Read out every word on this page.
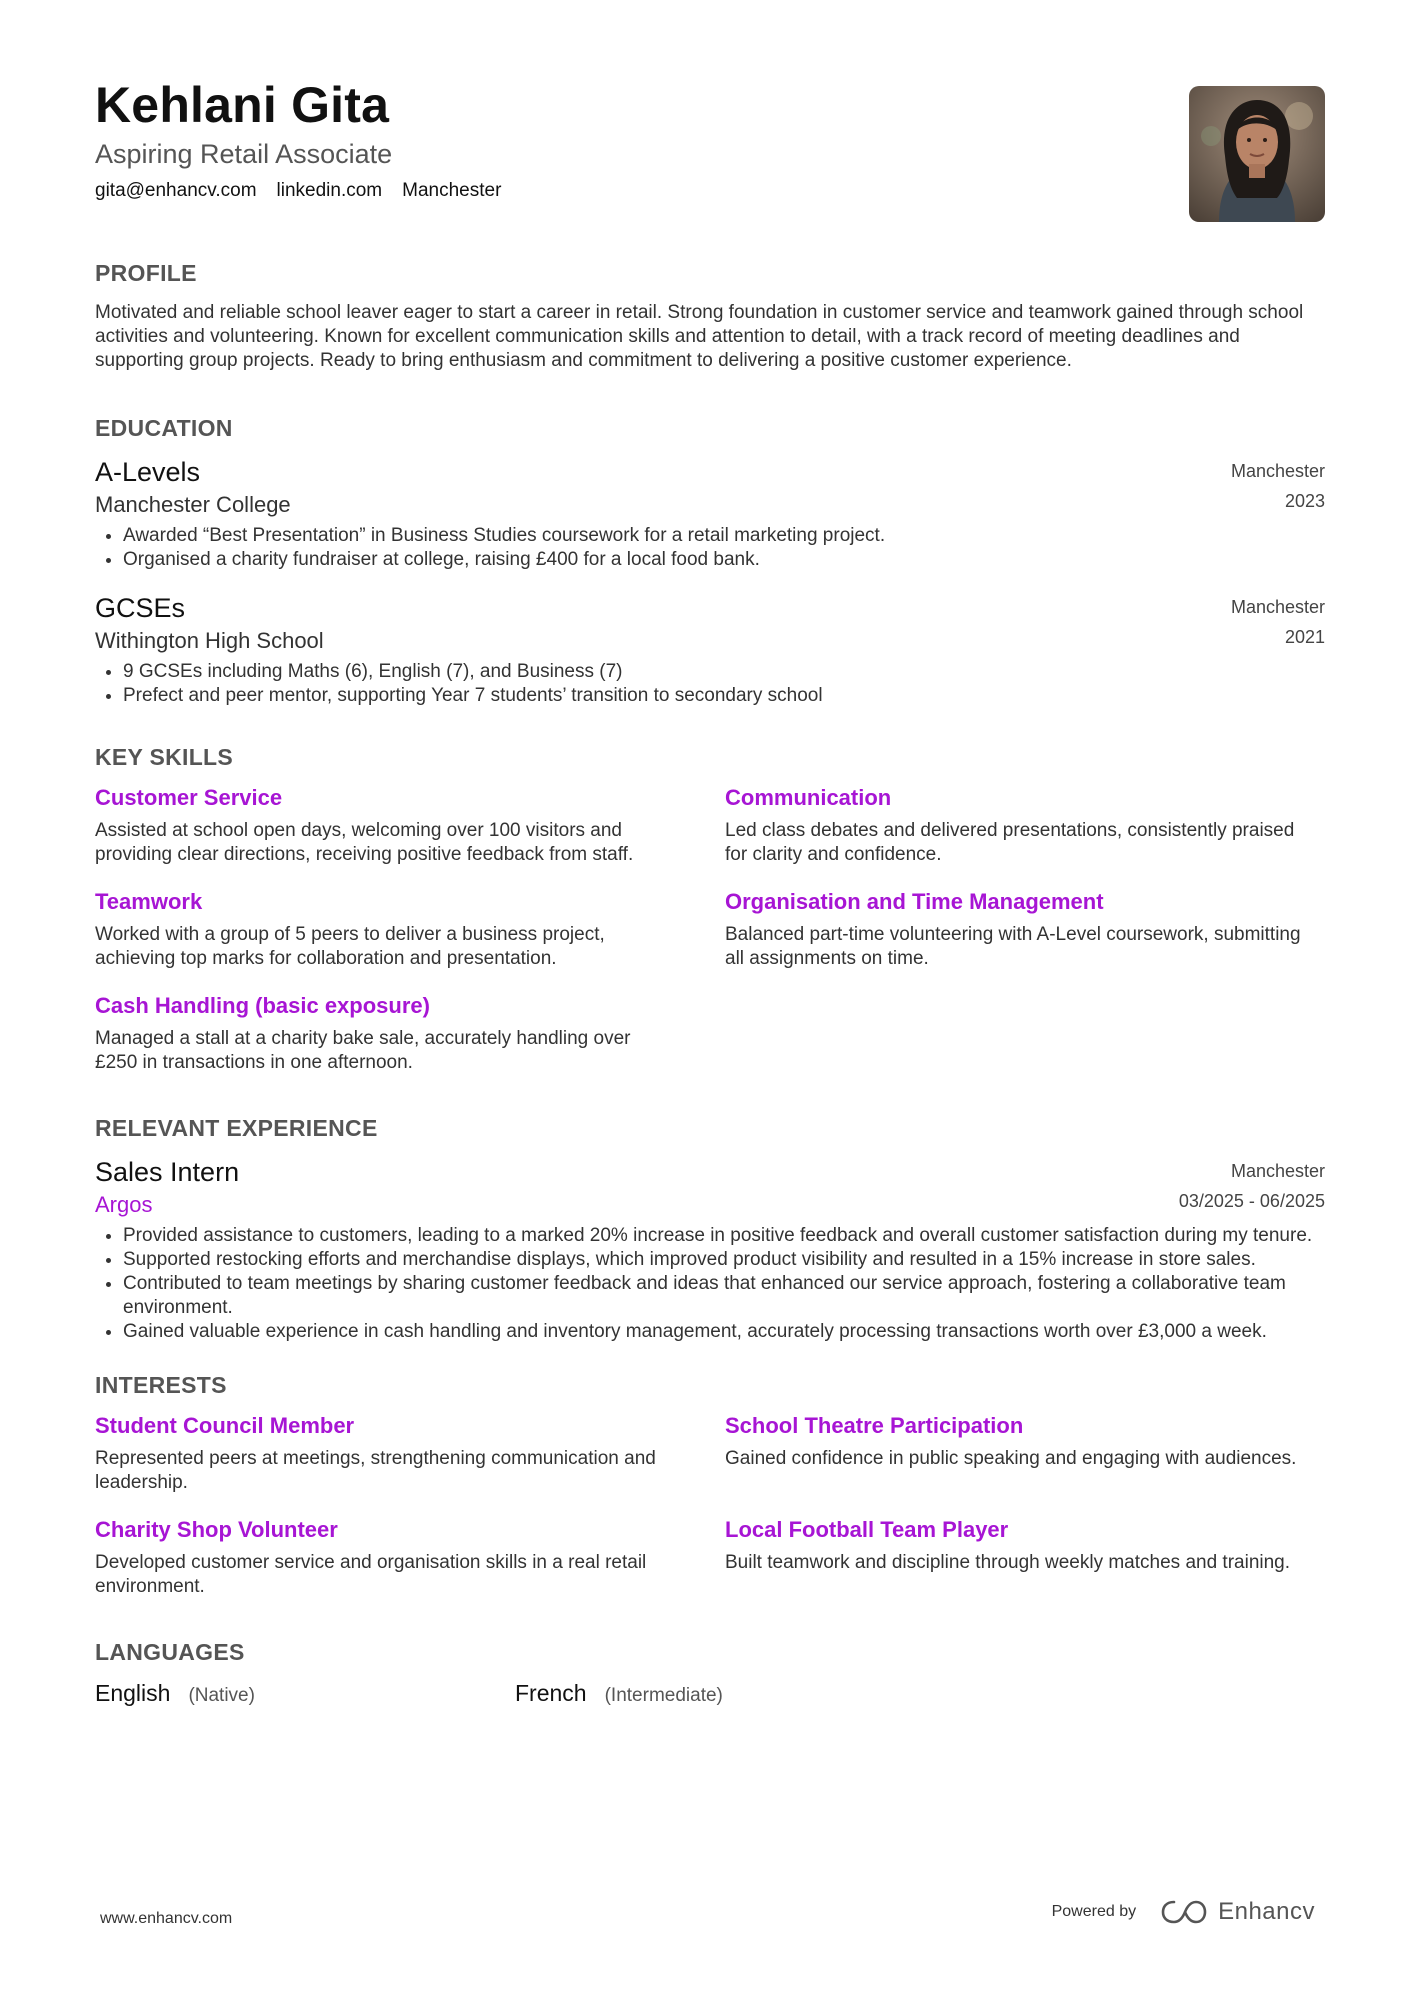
Kehlani Gita
Aspiring Retail Associate
gita@enhancv.com linkedin.com Manchester
PROFILE
Motivated and reliable school leaver eager to start a career in retail. Strong foundation in customer service and teamwork gained through school activities and volunteering. Known for excellent communication skills and attention to detail, with a track record of meeting deadlines and supporting group projects. Ready to bring enthusiasm and commitment to delivering a positive customer experience.
EDUCATION
A-Levels
Manchester College
Manchester
2023
• Awarded “Best Presentation” in Business Studies coursework for a retail marketing project.
• Organised a charity fundraiser at college, raising £400 for a local food bank.
GCSEs
Withington High School
Manchester
2021
• 9 GCSEs including Maths (6), English (7), and Business (7)
• Prefect and peer mentor, supporting Year 7 students’ transition to secondary school
KEY SKILLS
Customer Service
Assisted at school open days, welcoming over 100 visitors and providing clear directions, receiving positive feedback from staff.
Communication
Led class debates and delivered presentations, consistently praised for clarity and confidence.
Teamwork
Worked with a group of 5 peers to deliver a business project, achieving top marks for collaboration and presentation.
Organisation and Time Management
Balanced part-time volunteering with A-Level coursework, submitting all assignments on time.
Cash Handling (basic exposure)
Managed a stall at a charity bake sale, accurately handling over £250 in transactions in one afternoon.
RELEVANT EXPERIENCE
Sales Intern
Argos
Manchester
03/2025 - 06/2025
• Provided assistance to customers, leading to a marked 20% increase in positive feedback and overall customer satisfaction during my tenure.
• Supported restocking efforts and merchandise displays, which improved product visibility and resulted in a 15% increase in store sales.
• Contributed to team meetings by sharing customer feedback and ideas that enhanced our service approach, fostering a collaborative team environment.
• Gained valuable experience in cash handling and inventory management, accurately processing transactions worth over £3,000 a week.
INTERESTS
Student Council Member
Represented peers at meetings, strengthening communication and leadership.
School Theatre Participation
Gained confidence in public speaking and engaging with audiences.
Charity Shop Volunteer
Developed customer service and organisation skills in a real retail environment.
Local Football Team Player
Built teamwork and discipline through weekly matches and training.
LANGUAGES
English (Native)	French (Intermediate)
www.enhancv.com	Powered by	Enhancv
